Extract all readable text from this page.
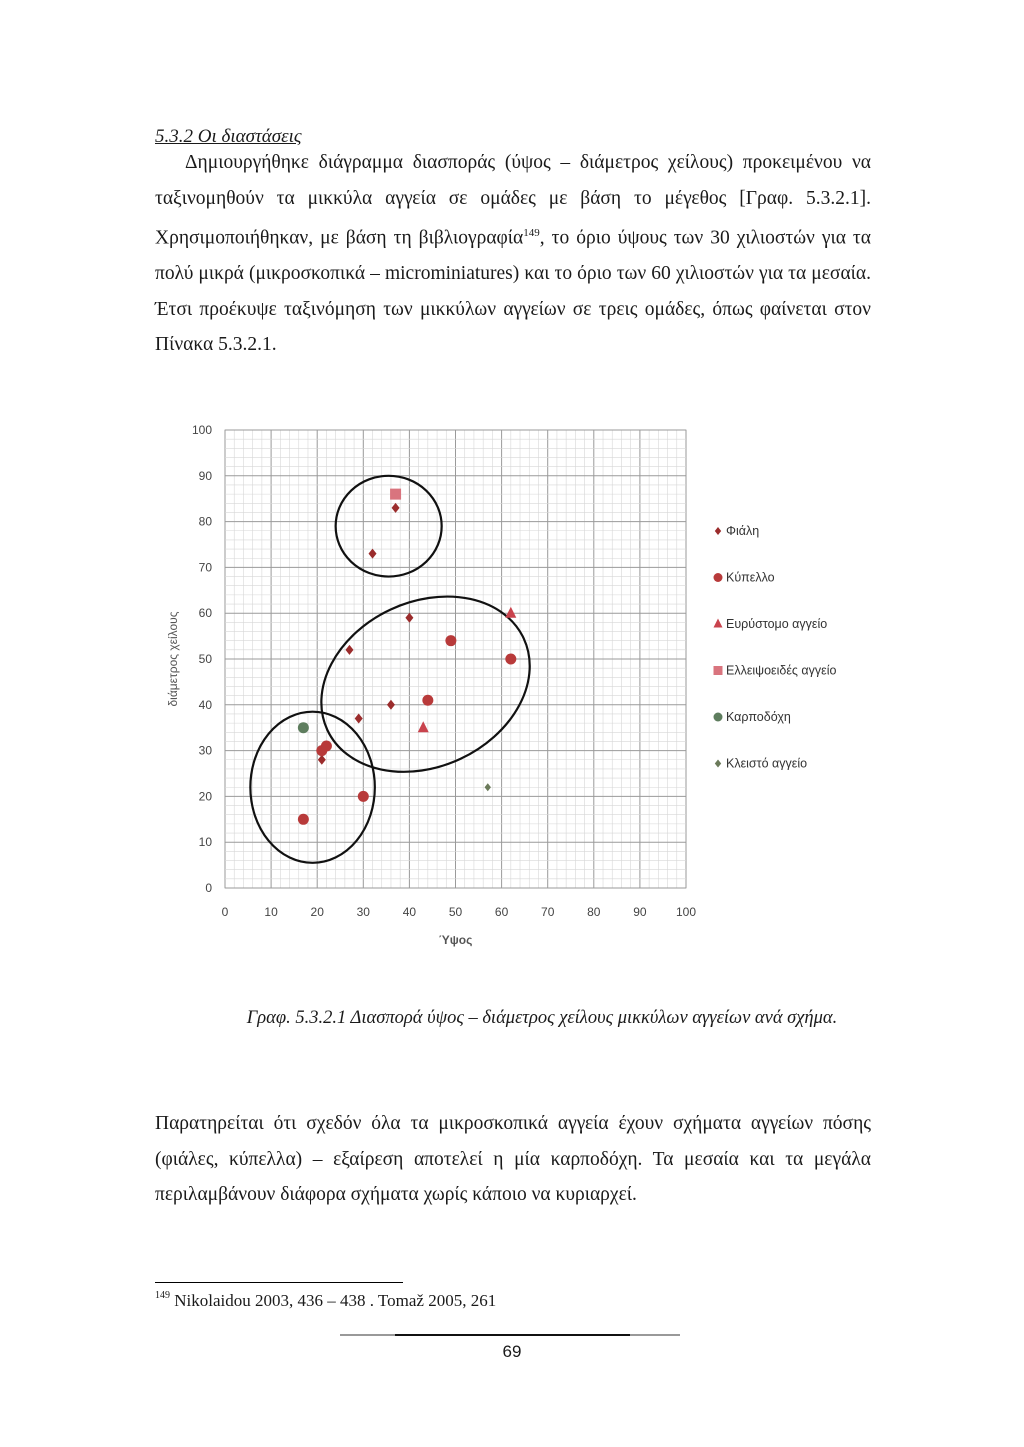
5.3.2 Οι διαστάσεις

Δημιουργήθηκε διάγραμμα διασποράς (ύψος – διάμετρος χείλους) προκειμένου να ταξινομηθούν τα μικκύλα αγγεία σε ομάδες με βάση το μέγεθος [Γραφ. 5.3.2.1]. Χρησιμοποιήθηκαν, με βάση τη βιβλιογραφία$^{149}$, το όριο ύψους των 30 χιλιοστών για τα πολύ μικρά (μικροσκοπικά – microminiatures) και το όριο των 60 χιλιοστών για τα μεσαία. Έτσι προέκυψε ταξινόμηση των μικκύλων αγγείων σε τρεις ομάδες, όπως φαίνεται στον Πίνακα 5.3.2.1.

0	10	20	30	40	50	60	70	80	90 100
0
10
20
30
40
50
60
70
80
90
100
Ύψος
διάμετρος χείλους
Φιάλη
Κύπελλο
Ευρύστομο αγγείο
Ελλειψοειδές αγγείο
Καρποδόχη
Κλειστό αγγείο

Γραφ. 5.3.2.1 Διασπορά ύψος – διάμετρος χείλους μικκύλων αγγείων ανά σχήμα.

Παρατηρείται ότι σχεδόν όλα τα μικροσκοπικά αγγεία έχουν σχήματα αγγείων πόσης (φιάλες, κύπελλα) – εξαίρεση αποτελεί η μία καρποδόχη. Τα μεσαία και τα μεγάλα περιλαμβάνουν διάφορα σχήματα χωρίς κάποιο να κυριαρχεί.

$^{149}$ Nikolaidou 2003, 436 – 438 . Tomaž 2005, 261

69
